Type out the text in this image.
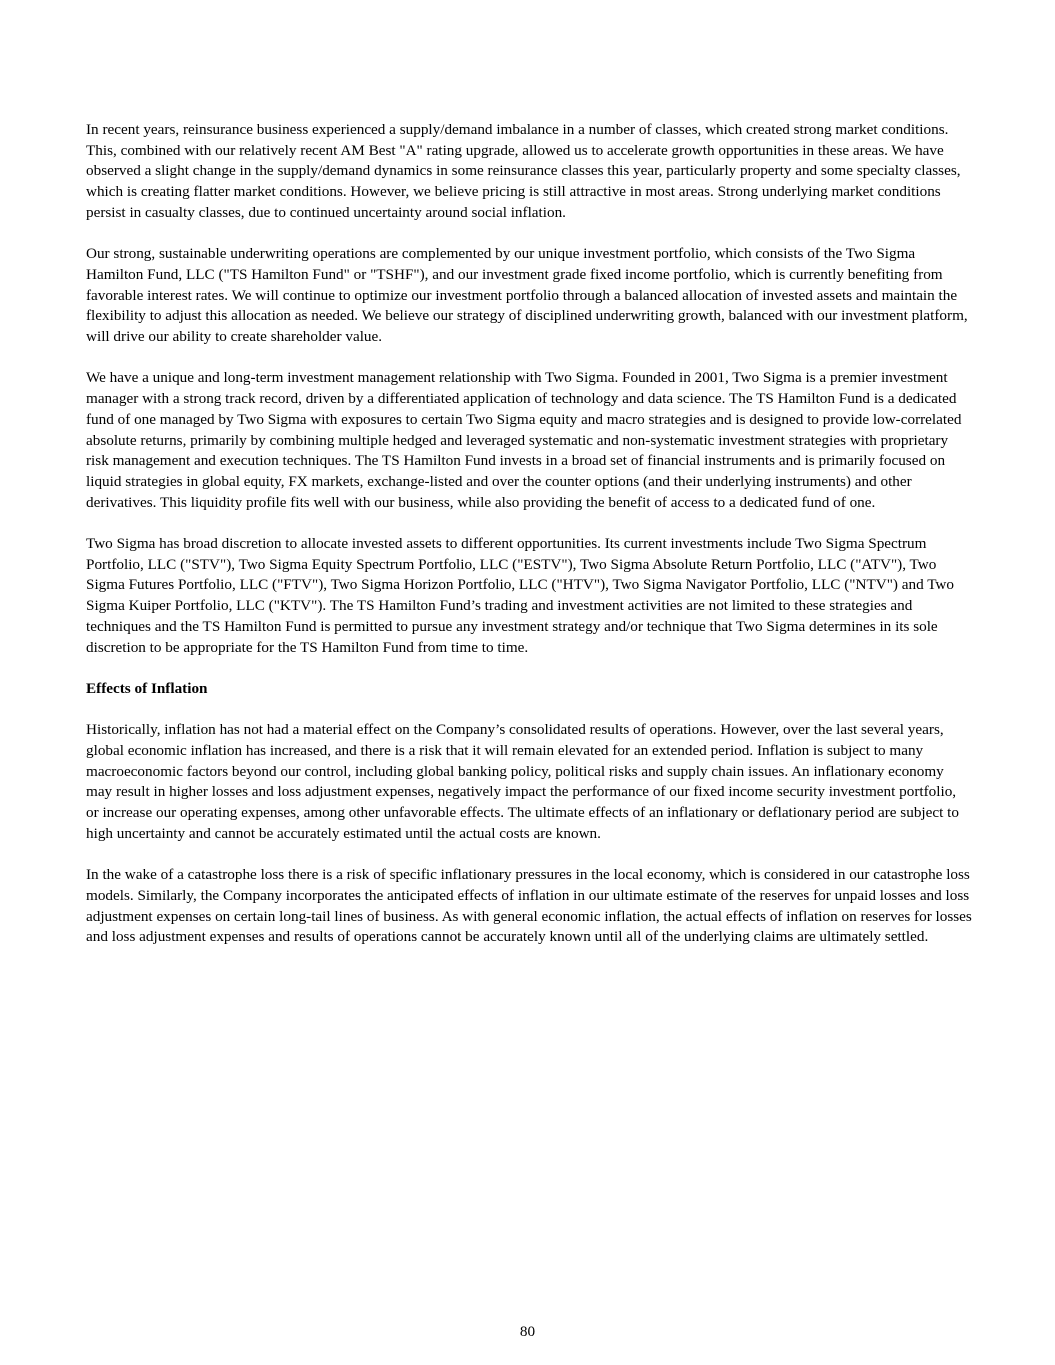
In recent years, reinsurance business experienced a supply/demand imbalance in a number of classes, which created strong market conditions. This, combined with our relatively recent AM Best "A" rating upgrade, allowed us to accelerate growth opportunities in these areas. We have observed a slight change in the supply/demand dynamics in some reinsurance classes this year, particularly property and some specialty classes, which is creating flatter market conditions. However, we believe pricing is still attractive in most areas. Strong underlying market conditions persist in casualty classes, due to continued uncertainty around social inflation.

Our strong, sustainable underwriting operations are complemented by our unique investment portfolio, which consists of the Two Sigma Hamilton Fund, LLC ("TS Hamilton Fund" or "TSHF"), and our investment grade fixed income portfolio, which is currently benefiting from favorable interest rates. We will continue to optimize our investment portfolio through a balanced allocation of invested assets and maintain the flexibility to adjust this allocation as needed. We believe our strategy of disciplined underwriting growth, balanced with our investment platform, will drive our ability to create shareholder value.

We have a unique and long-term investment management relationship with Two Sigma. Founded in 2001, Two Sigma is a premier investment manager with a strong track record, driven by a differentiated application of technology and data science. The TS Hamilton Fund is a dedicated fund of one managed by Two Sigma with exposures to certain Two Sigma equity and macro strategies and is designed to provide low-correlated absolute returns, primarily by combining multiple hedged and leveraged systematic and non-systematic investment strategies with proprietary risk management and execution techniques. The TS Hamilton Fund invests in a broad set of financial instruments and is primarily focused on liquid strategies in global equity, FX markets, exchange-listed and over the counter options (and their underlying instruments) and other derivatives. This liquidity profile fits well with our business, while also providing the benefit of access to a dedicated fund of one.

Two Sigma has broad discretion to allocate invested assets to different opportunities. Its current investments include Two Sigma Spectrum Portfolio, LLC ("STV"), Two Sigma Equity Spectrum Portfolio, LLC ("ESTV"), Two Sigma Absolute Return Portfolio, LLC ("ATV"), Two Sigma Futures Portfolio, LLC ("FTV"), Two Sigma Horizon Portfolio, LLC ("HTV"), Two Sigma Navigator Portfolio, LLC ("NTV") and Two Sigma Kuiper Portfolio, LLC ("KTV"). The TS Hamilton Fund’s trading and investment activities are not limited to these strategies and techniques and the TS Hamilton Fund is permitted to pursue any investment strategy and/or technique that Two Sigma determines in its sole discretion to be appropriate for the TS Hamilton Fund from time to time.

Effects of Inflation

Historically, inflation has not had a material effect on the Company’s consolidated results of operations. However, over the last several years, global economic inflation has increased, and there is a risk that it will remain elevated for an extended period. Inflation is subject to many macroeconomic factors beyond our control, including global banking policy, political risks and supply chain issues. An inflationary economy may result in higher losses and loss adjustment expenses, negatively impact the performance of our fixed income security investment portfolio, or increase our operating expenses, among other unfavorable effects. The ultimate effects of an inflationary or deflationary period are subject to high uncertainty and cannot be accurately estimated until the actual costs are known.

In the wake of a catastrophe loss there is a risk of specific inflationary pressures in the local economy, which is considered in our catastrophe loss models. Similarly, the Company incorporates the anticipated effects of inflation in our ultimate estimate of the reserves for unpaid losses and loss adjustment expenses on certain long-tail lines of business. As with general economic inflation, the actual effects of inflation on reserves for losses and loss adjustment expenses and results of operations cannot be accurately known until all of the underlying claims are ultimately settled.

80
